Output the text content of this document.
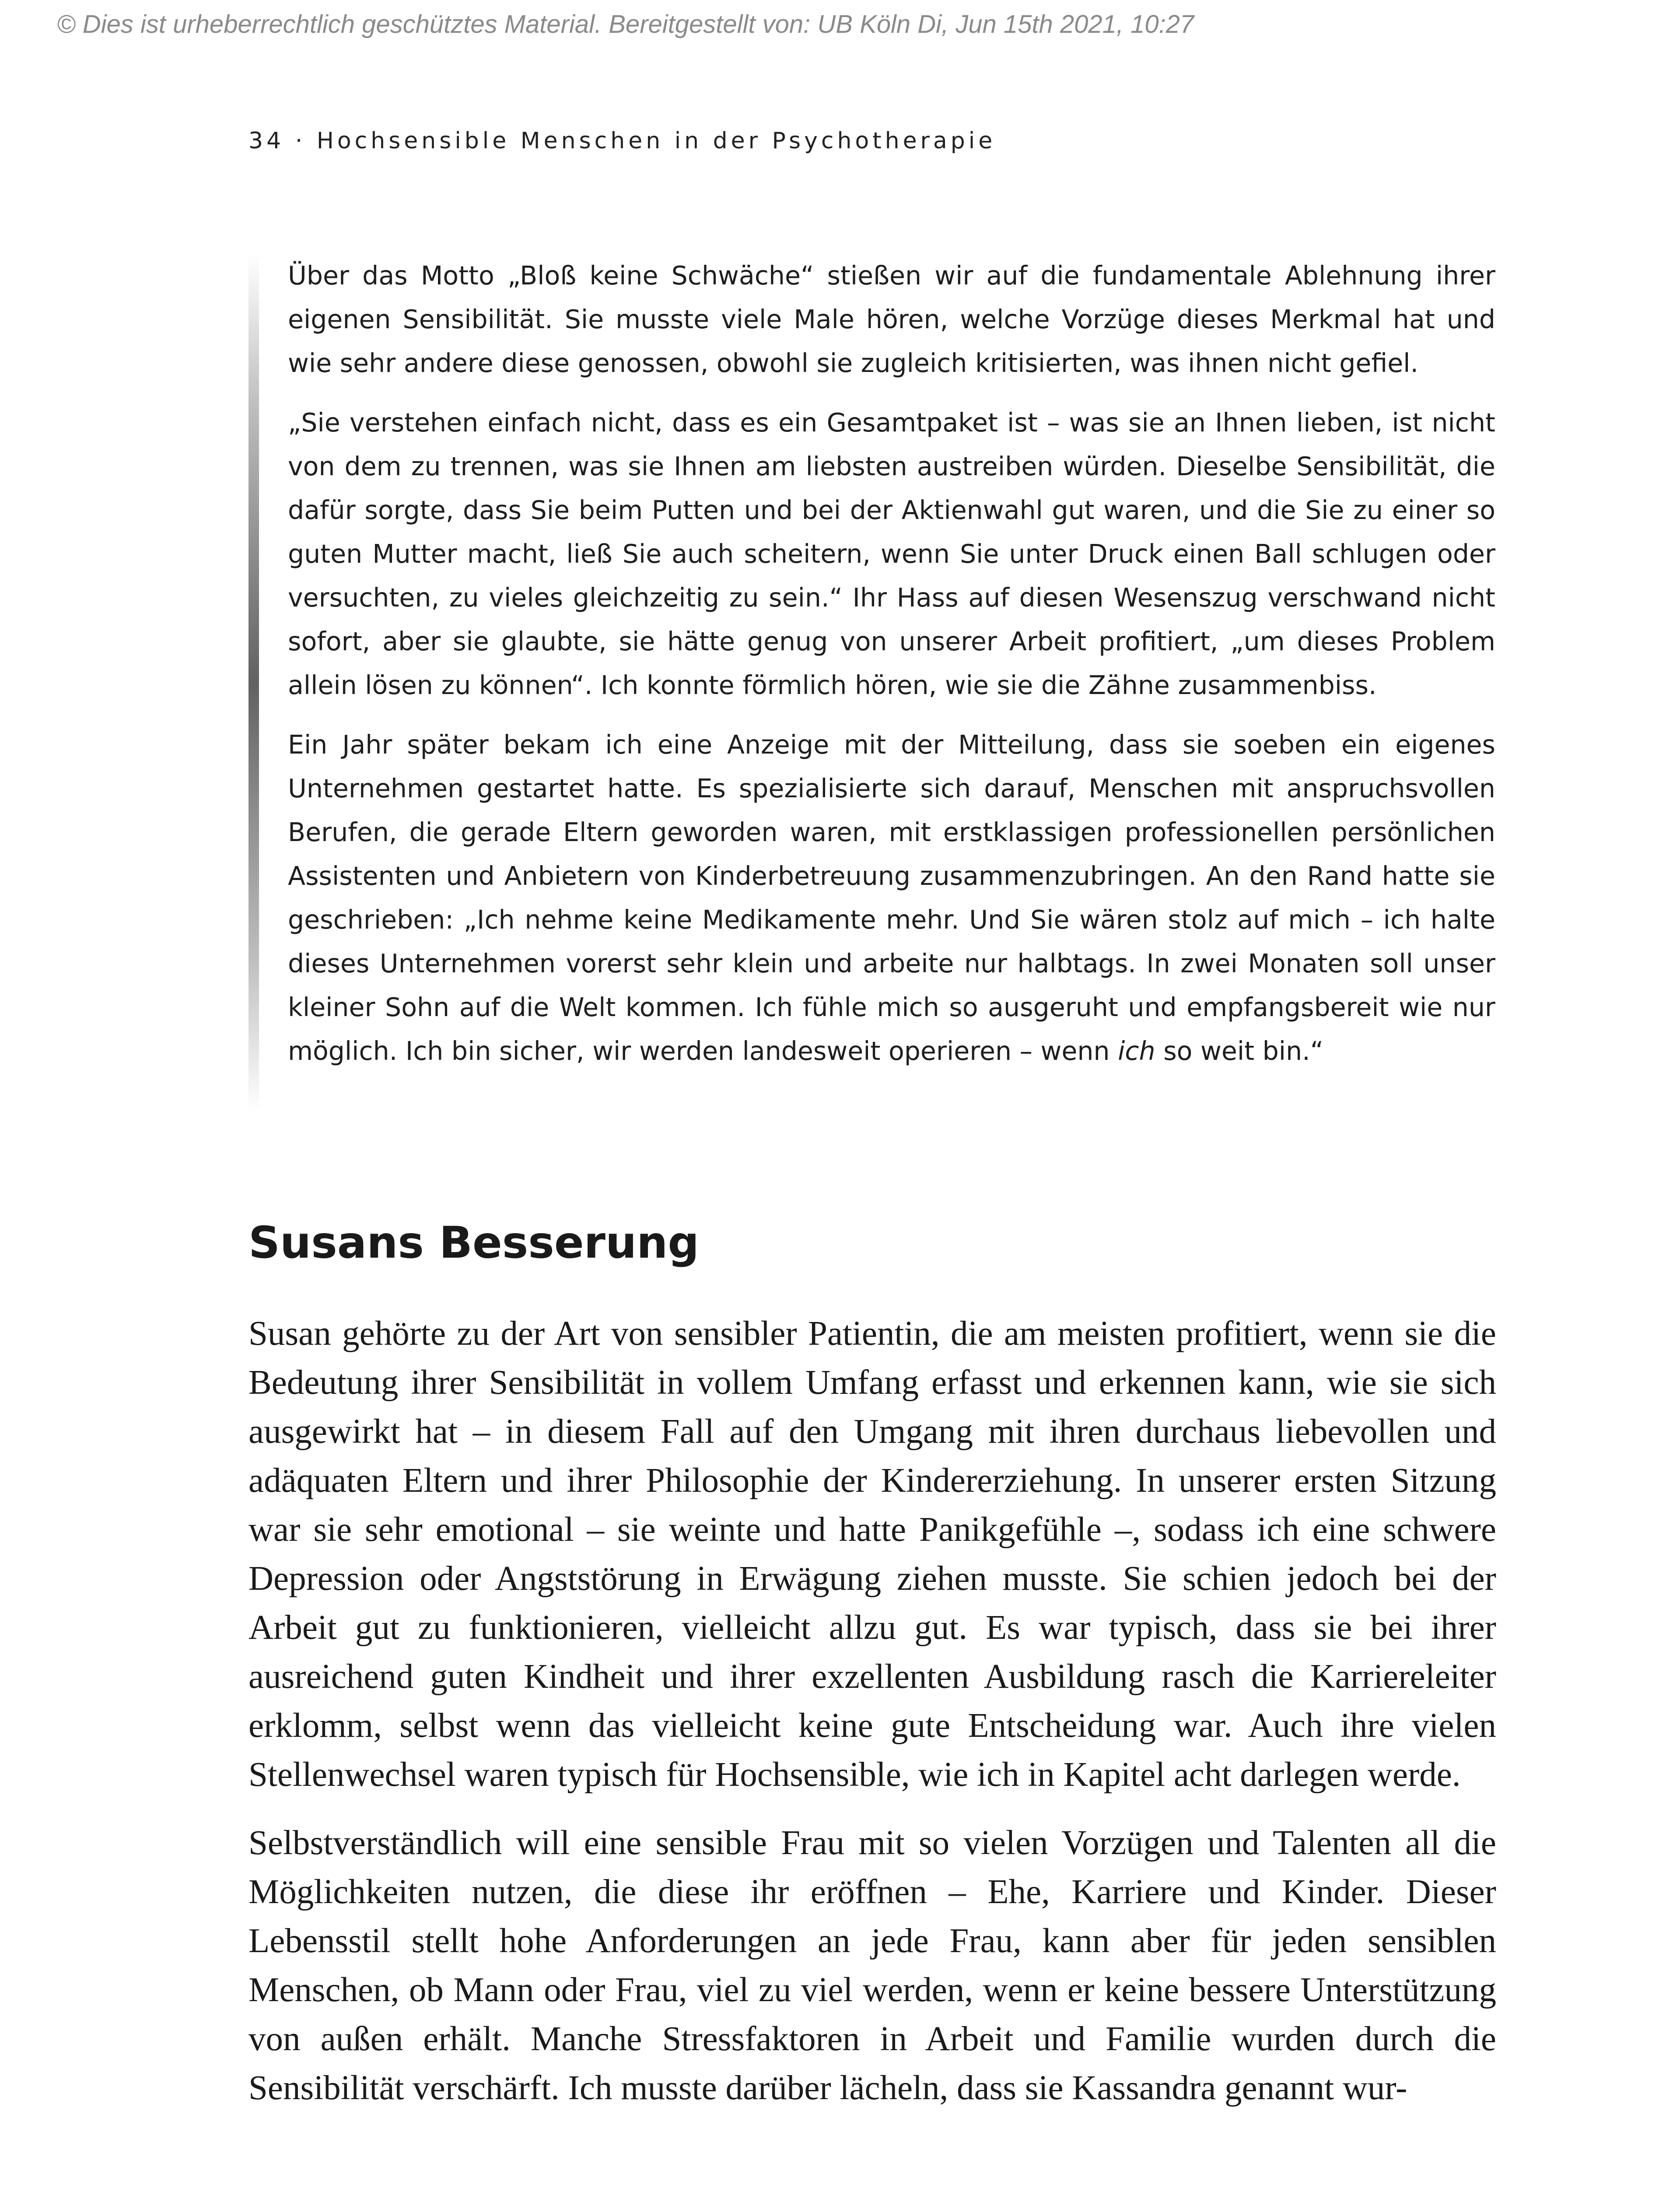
© Dies ist urheberrechtlich geschütztes Material. Bereitgestellt von: UB Köln Di, Jun 15th 2021, 10:27
34 · Hochsensible Menschen in der Psychotherapie

Über das Motto „Bloß keine Schwäche“ stießen wir auf die fundamentale Ablehnung ihrer eigenen Sensibilität. Sie musste viele Male hören, welche Vorzüge dieses Merkmal hat und wie sehr andere diese genossen, obwohl sie zugleich kritisierten, was ihnen nicht gefiel.

„Sie verstehen einfach nicht, dass es ein Gesamtpaket ist – was sie an Ihnen lieben, ist nicht von dem zu trennen, was sie Ihnen am liebsten austreiben würden. Dieselbe Sensibilität, die dafür sorgte, dass Sie beim Putten und bei der Aktienwahl gut waren, und die Sie zu einer so guten Mutter macht, ließ Sie auch scheitern, wenn Sie unter Druck einen Ball schlugen oder versuchten, zu vieles gleichzeitig zu sein.“ Ihr Hass auf diesen Wesenszug verschwand nicht sofort, aber sie glaubte, sie hätte genug von unserer Arbeit profitiert, „um dieses Problem allein lösen zu können“. Ich konnte förmlich hören, wie sie die Zähne zusammenbiss.

Ein Jahr später bekam ich eine Anzeige mit der Mitteilung, dass sie soeben ein eigenes Unternehmen gestartet hatte. Es spezialisierte sich darauf, Menschen mit anspruchsvollen Berufen, die gerade Eltern geworden waren, mit erstklassigen professionellen persönlichen Assistenten und Anbietern von Kinderbetreuung zusammenzubringen. An den Rand hatte sie geschrieben: „Ich nehme keine Medikamente mehr. Und Sie wären stolz auf mich – ich halte dieses Unternehmen vorerst sehr klein und arbeite nur halbtags. In zwei Monaten soll unser kleiner Sohn auf die Welt kommen. Ich fühle mich so ausgeruht und empfangsbereit wie nur möglich. Ich bin sicher, wir werden landesweit operieren – wenn ich so weit bin.“

Susans Besserung

Susan gehörte zu der Art von sensibler Patientin, die am meisten profitiert, wenn sie die Bedeutung ihrer Sensibilität in vollem Umfang erfasst und erkennen kann, wie sie sich ausgewirkt hat – in diesem Fall auf den Umgang mit ihren durchaus liebevollen und adäquaten Eltern und ihrer Philosophie der Kindererziehung. In unserer ersten Sitzung war sie sehr emotional – sie weinte und hatte Panikgefühle –, sodass ich eine schwere Depression oder Angststörung in Erwägung ziehen musste. Sie schien jedoch bei der Arbeit gut zu funktionieren, vielleicht allzu gut. Es war typisch, dass sie bei ihrer ausreichend guten Kindheit und ihrer exzellenten Ausbildung rasch die Karriereleiter erklomm, selbst wenn das vielleicht keine gute Entscheidung war. Auch ihre vielen Stellenwechsel waren typisch für Hochsensible, wie ich in Kapitel acht darlegen werde.

Selbstverständlich will eine sensible Frau mit so vielen Vorzügen und Talenten all die Möglichkeiten nutzen, die diese ihr eröffnen – Ehe, Karriere und Kinder. Dieser Lebensstil stellt hohe Anforderungen an jede Frau, kann aber für jeden sensiblen Menschen, ob Mann oder Frau, viel zu viel werden, wenn er keine bessere Unterstützung von außen erhält. Manche Stressfaktoren in Arbeit und Familie wurden durch die Sensibilität verschärft. Ich musste darüber lächeln, dass sie Kassandra genannt wur-
